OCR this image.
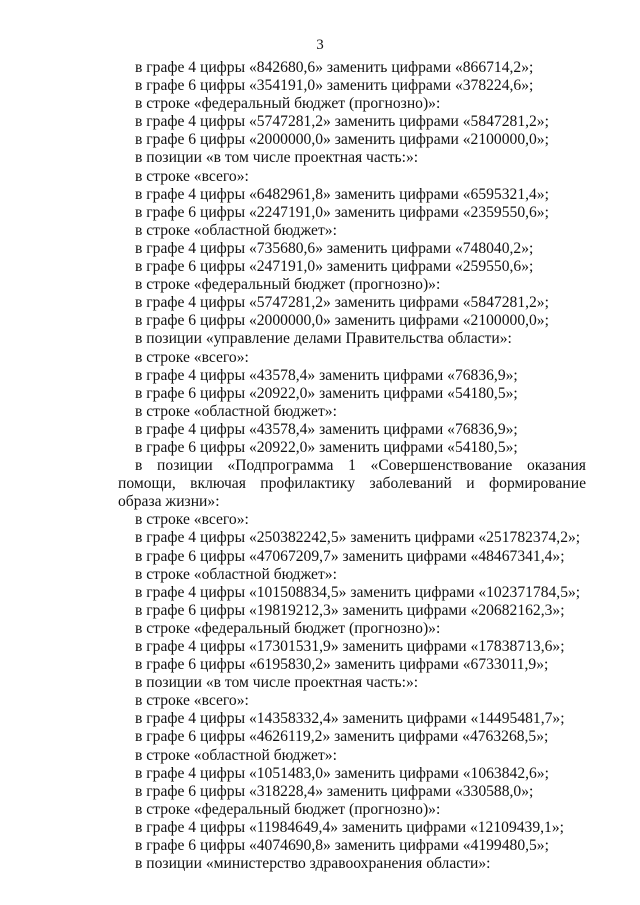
3
в графе 4 цифры «842680,6» заменить цифрами «866714,2»;
в графе 6 цифры «354191,0» заменить цифрами «378224,6»;
в строке «федеральный бюджет (прогнозно)»:
в графе 4 цифры «5747281,2» заменить цифрами «5847281,2»;
в графе 6 цифры «2000000,0» заменить цифрами «2100000,0»;
в позиции «в том числе проектная часть:»:
в строке «всего»:
в графе 4 цифры «6482961,8» заменить цифрами «6595321,4»;
в графе 6 цифры «2247191,0» заменить цифрами «2359550,6»;
в строке «областной бюджет»:
в графе 4 цифры «735680,6» заменить цифрами «748040,2»;
в графе 6 цифры «247191,0» заменить цифрами «259550,6»;
в строке «федеральный бюджет (прогнозно)»:
в графе 4 цифры «5747281,2» заменить цифрами «5847281,2»;
в графе 6 цифры «2000000,0» заменить цифрами «2100000,0»;
в позиции «управление делами Правительства области»:
в строке «всего»:
в графе 4 цифры «43578,4» заменить цифрами «76836,9»;
в графе 6 цифры «20922,0» заменить цифрами «54180,5»;
в строке «областной бюджет»:
в графе 4 цифры «43578,4» заменить цифрами «76836,9»;
в графе 6 цифры «20922,0» заменить цифрами «54180,5»;
в позиции «Подпрограмма 1 «Совершенствование оказания
помощи, включая профилактику заболеваний и формирование
образа жизни»:
в строке «всего»:
в графе 4 цифры «250382242,5» заменить цифрами «251782374,2»;
в графе 6 цифры «47067209,7» заменить цифрами «48467341,4»;
в строке «областной бюджет»:
в графе 4 цифры «101508834,5» заменить цифрами «102371784,5»;
в графе 6 цифры «19819212,3» заменить цифрами «20682162,3»;
в строке «федеральный бюджет (прогнозно)»:
в графе 4 цифры «17301531,9» заменить цифрами «17838713,6»;
в графе 6 цифры «6195830,2» заменить цифрами «6733011,9»;
в позиции «в том числе проектная часть:»:
в строке «всего»:
в графе 4 цифры «14358332,4» заменить цифрами «14495481,7»;
в графе 6 цифры «4626119,2» заменить цифрами «4763268,5»;
в строке «областной бюджет»:
в графе 4 цифры «1051483,0» заменить цифрами «1063842,6»;
в графе 6 цифры «318228,4» заменить цифрами «330588,0»;
в строке «федеральный бюджет (прогнозно)»:
в графе 4 цифры «11984649,4» заменить цифрами «12109439,1»;
в графе 6 цифры «4074690,8» заменить цифрами «4199480,5»;
в позиции «министерство здравоохранения области»:
